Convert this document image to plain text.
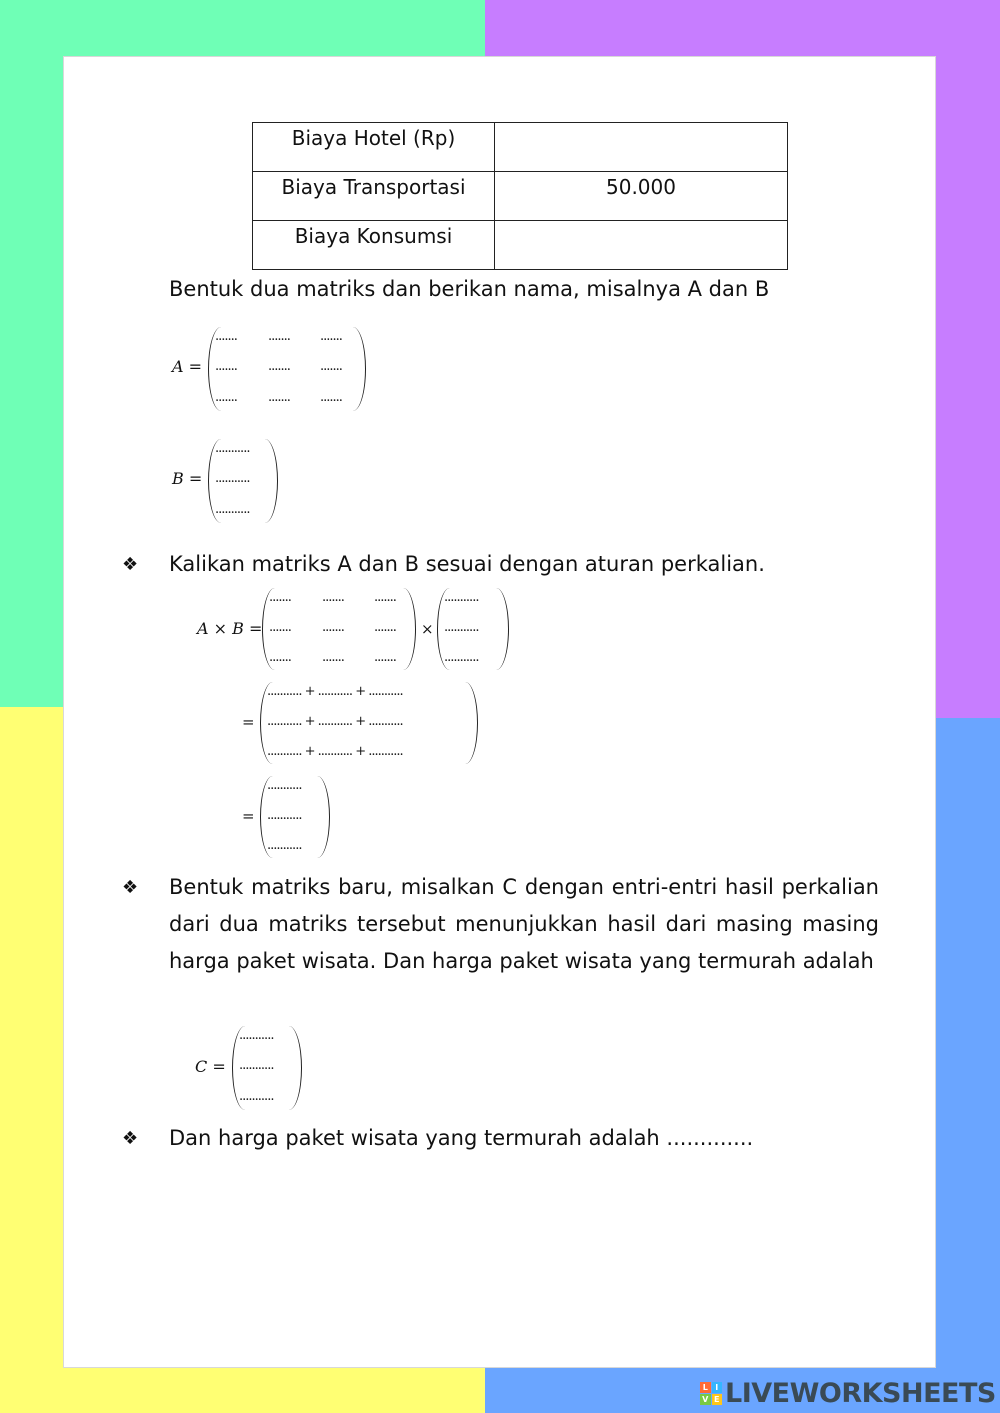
Biaya Hotel (Rp)	
Biaya Transportasi	50.000
Biaya Konsumsi	
Bentuk dua matriks dan berikan nama, misalnya A dan B
A =
....... ....... .......
....... ....... .......
....... ....... .......
B =
...........
...........
...........
❖ Kalikan matriks A dan B sesuai dengan aturan perkalian.
A × B =
....... ....... .......
....... ....... .......
....... ....... .......
×
...........
...........
...........
=
........... + ........... + ...........
........... + ........... + ...........
........... + ........... + ...........
=
...........
...........
...........
❖ Bentuk matriks baru, misalkan C dengan entri-entri hasil perkalian dari dua matriks tersebut menunjukkan hasil dari masing masing harga paket wisata. Dan harga paket wisata yang termurah adalah
C =
...........
...........
...........
❖ Dan harga paket wisata yang termurah adalah .............
L I
V E LIVEWORKSHEETS
